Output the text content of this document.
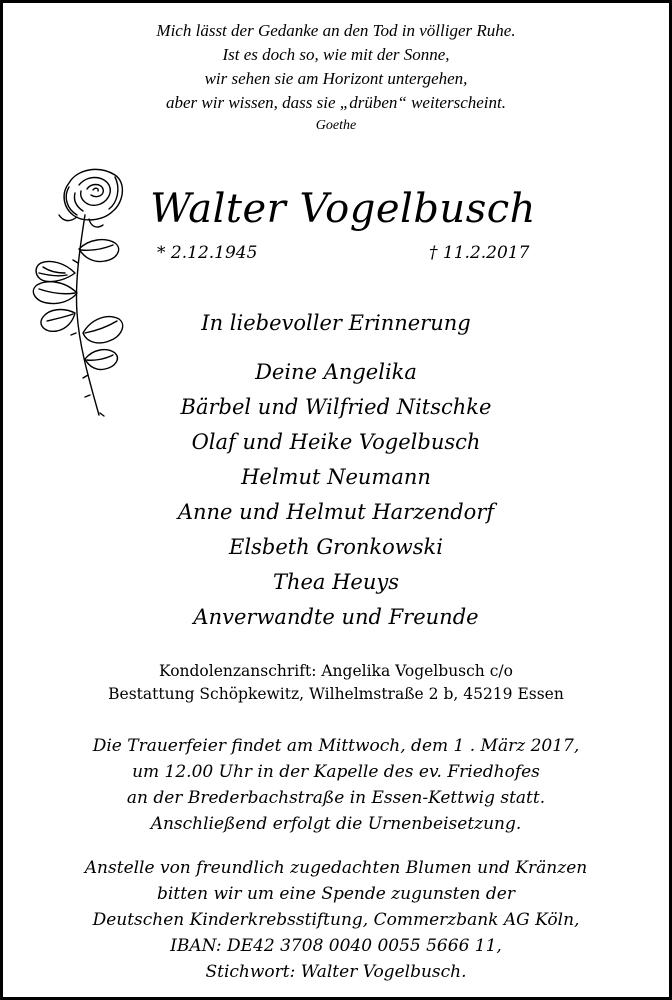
Mich lässt der Gedanke an den Tod in völliger Ruhe.
Ist es doch so, wie mit der Sonne,
wir sehen sie am Horizont untergehen,
aber wir wissen, dass sie „drüben“ weiterscheint.
Goethe
Walter Vogelbusch
* 2.12.1945	† 11.2.2017
In liebevoller Erinnerung
Deine Angelika
Bärbel und Wilfried Nitschke
Olaf und Heike Vogelbusch
Helmut Neumann
Anne und Helmut Harzendorf
Elsbeth Gronkowski
Thea Heuys
Anverwandte und Freunde
Kondolenzanschrift: Angelika Vogelbusch c/o
Bestattung Schöpkewitz, Wilhelmstraße 2 b, 45219 Essen
Die Trauerfeier findet am Mittwoch, dem 1 . März 2017,
um 12.00 Uhr in der Kapelle des ev. Friedhofes
an der Brederbachstraße in Essen-Kettwig statt.
Anschließend erfolgt die Urnenbeisetzung.
Anstelle von freundlich zugedachten Blumen und Kränzen
bitten wir um eine Spende zugunsten der
Deutschen Kinderkrebsstiftung, Commerzbank AG Köln,
IBAN: DE42 3708 0040 0055 5666 11,
Stichwort: Walter Vogelbusch.
